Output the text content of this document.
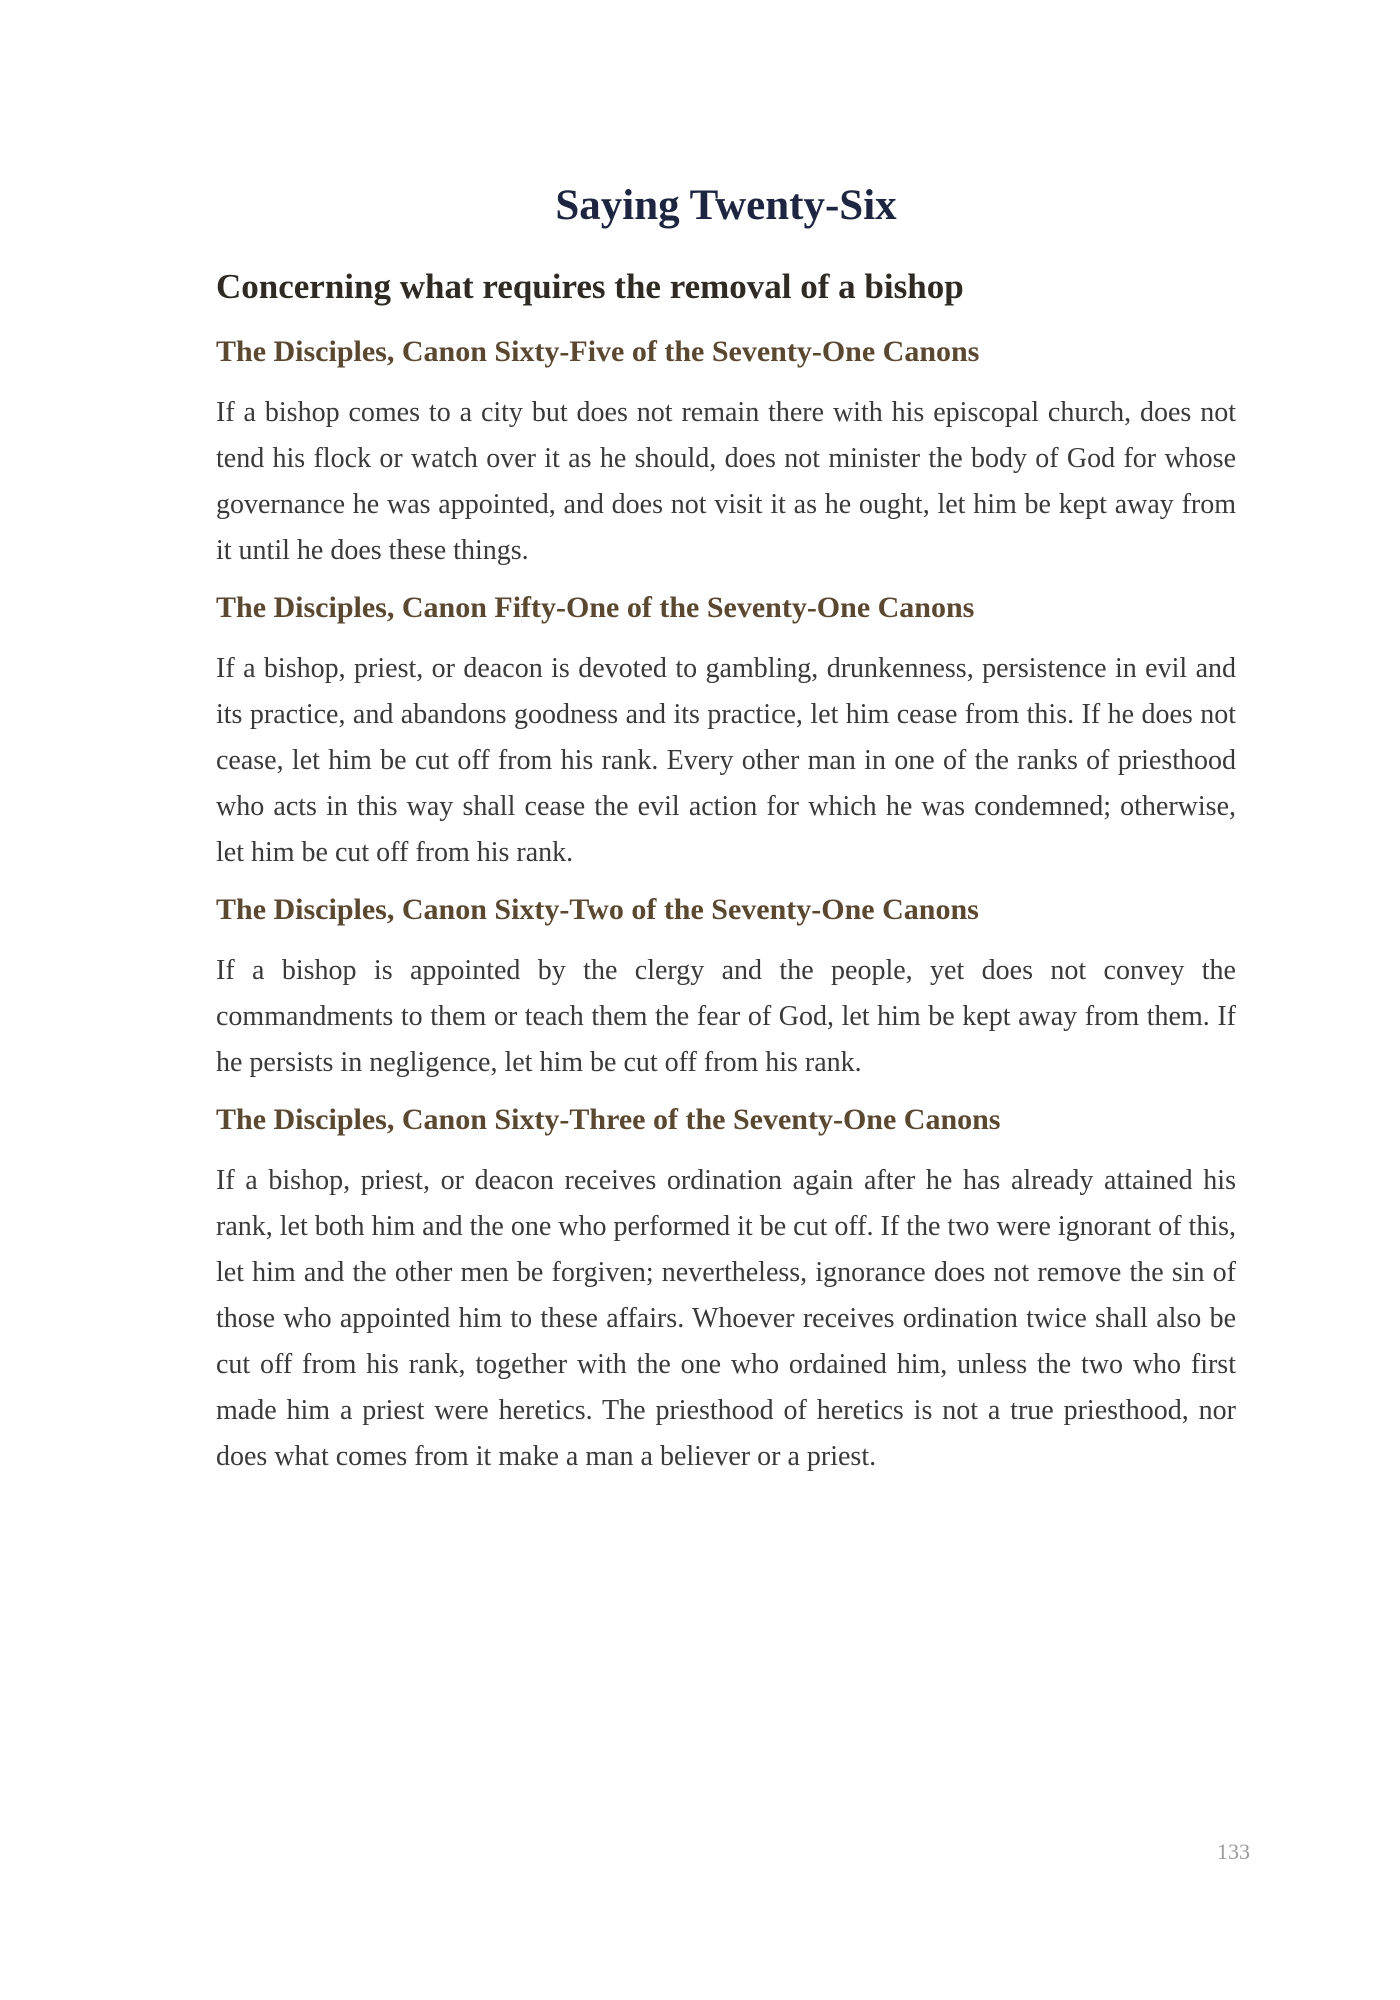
Saying Twenty-Six
Concerning what requires the removal of a bishop
The Disciples, Canon Sixty-Five of the Seventy-One Canons

If a bishop comes to a city but does not remain there with his episcopal church, does not tend his flock or watch over it as he should, does not minister the body of God for whose governance he was appointed, and does not visit it as he ought, let him be kept away from it until he does these things.

The Disciples, Canon Fifty-One of the Seventy-One Canons

If a bishop, priest, or deacon is devoted to gambling, drunkenness, persistence in evil and its practice, and abandons goodness and its practice, let him cease from this. If he does not cease, let him be cut off from his rank. Every other man in one of the ranks of priesthood who acts in this way shall cease the evil action for which he was condemned; otherwise, let him be cut off from his rank.

The Disciples, Canon Sixty-Two of the Seventy-One Canons

If a bishop is appointed by the clergy and the people, yet does not convey the commandments to them or teach them the fear of God, let him be kept away from them. If he persists in negligence, let him be cut off from his rank.

The Disciples, Canon Sixty-Three of the Seventy-One Canons

If a bishop, priest, or deacon receives ordination again after he has already attained his rank, let both him and the one who performed it be cut off. If the two were ignorant of this, let him and the other men be forgiven; nevertheless, ignorance does not remove the sin of those who appointed him to these affairs. Whoever receives ordination twice shall also be cut off from his rank, together with the one who ordained him, unless the two who first made him a priest were heretics. The priesthood of heretics is not a true priesthood, nor does what comes from it make a man a believer or a priest.

133
